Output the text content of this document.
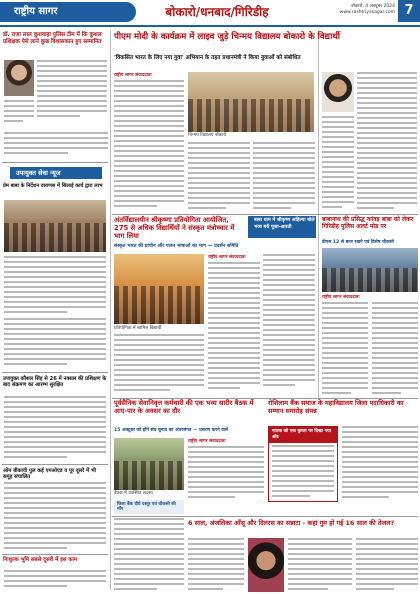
राष्ट्रीय सागर	बोकारो/धनबाद/गिरिडीह	बोकारो, 4 अक्टूबर 2024
www.rashtriyasagar.com 7
डॉ. राजा लाल कुशवाहा पुलिस टीम में कि कुशल प्रशिक्षक ऐसे लाने कुछ विशासकान हुए सम्मानित
उपायुक्त सेवा न्यूज
प्रेम बाबा के निर्देशन वाराणस में सिलाई कार्य द्वारा लाभ
उपायुक्त कौशल सिंह से 26 में नक्सल की प्रशिक्षण के बाद संक्रमण का आरम्भ सुरक्षित
ओम बीकायी पुल कई एमओएड व पूर दूसरे में भी समूह संचालित
निःशुल्क भूमि सबसे दूसरी में इस काम
पीएम मोदी के कार्यक्रम में लाइव जुड़े चिन्मय विद्यालय बोकारो के विद्यार्थी
'विकसित भारत के लिए नया युवा' अभियान के तहत प्रधानमंत्री ने किया युवाओं को संबोधित
राष्ट्रीय सागर संवाददाता
चिन्मय विद्यालय बोकारो
अंतर्विद्यालयीन श्रीकृष्णा प्रतियोगिता आयोजित, 275 से अधिक विद्यार्थियों ने संस्कृत मंत्रोच्चार में भाग लिया
संस्कृत भारत की प्राचीन और पावन भाषाओं का भाग — प्रदर्शन समिति
प्रतियोगिता में शामिल विद्यार्थी
राष्ट्रीय सागर संवाददाता
बाबा धाम में श्रीकृष्ण अहिल्या बोले भव्य बरी पूजा-आरती
बाबानाथ की प्रसिद्ध कांवड़ बाबा को लेकर गिरिडीह पुलिस अलर्ट मोड पर
डीएस 12 से बाज रखने एवं विशेष चौकसी
राष्ट्रीय सागर संवाददाता
पूर्वसैनिक सेवानिवृत्त कर्मचारी की एक भव्य सारीर बैठक में आए-पार के अवसर का दौर
15 अक्टूबर को होंगे संघ चुनाव का अंतरसंगत — प्रसरण करने वाले
बैठक में उपस्थित सदस्य
राष्ट्रीय सागर संवाददाता
रोशिलाम बैंक समाज के महाविद्यालय जिला पदाधिकारी का सम्मान समारोह संपन्न
नायक को एक कुरता पर दिखा गया और
जिला बैंक दीर्घ दस्तूर एवं चौकसी की माँग
6 साल, अंजलिका आँसू और दिलरस का सन्नाटा - कहां गुम हो गई 16 साल की तेजल?
